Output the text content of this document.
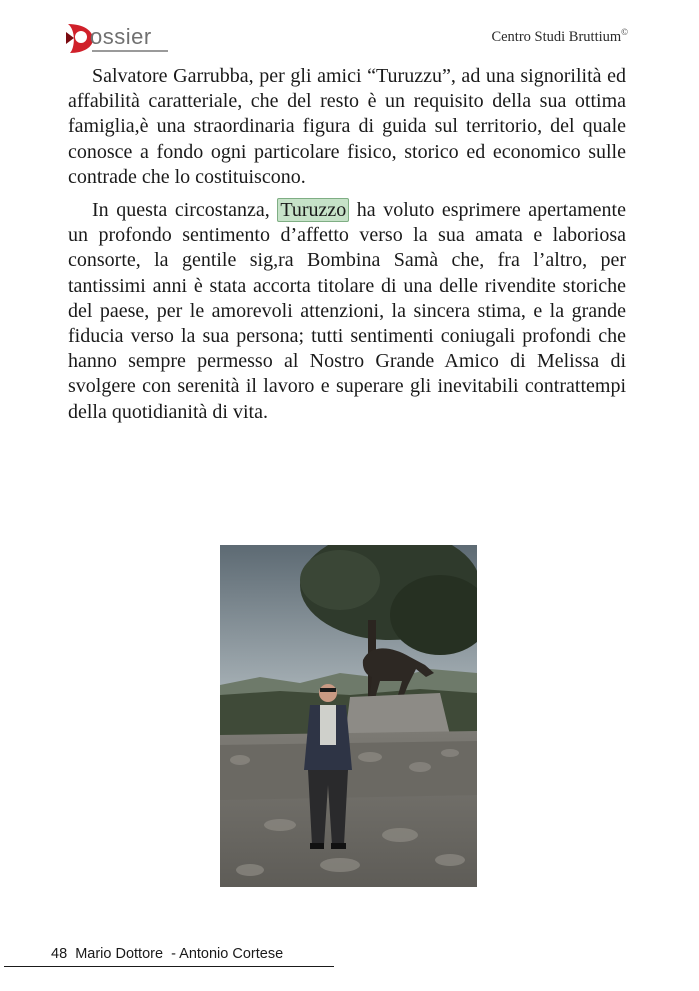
ossier	Centro Studi Bruttium©

Salvatore Garrubba, per gli amici “Turuzzu”, ad una signorilità ed affabilità caratteriale, che del resto è un requisito della sua ottima famiglia,è una straordinaria figura di guida sul territorio, del quale conosce a fondo ogni particolare fisico, storico ed economico sulle contrade che lo costituiscono.

In questa circostanza, Turuzzo ha voluto esprimere apertamente un profondo sentimento d’affetto verso la sua amata e laboriosa consorte, la gentile sig,ra Bombina Samà che, fra l’altro, per tantissimi anni è stata accorta titolare di una delle rivendite storiche del paese, per le amorevoli attenzioni, la sincera stima, e la grande fiducia verso la sua persona; tutti sentimenti coniugali profondi che hanno sempre permesso al Nostro Grande Amico di Melissa di svolgere con serenità il lavoro e superare gli inevitabili contrattempi della quotidianità di vita.

48 Mario Dottore  - Antonio Cortese
